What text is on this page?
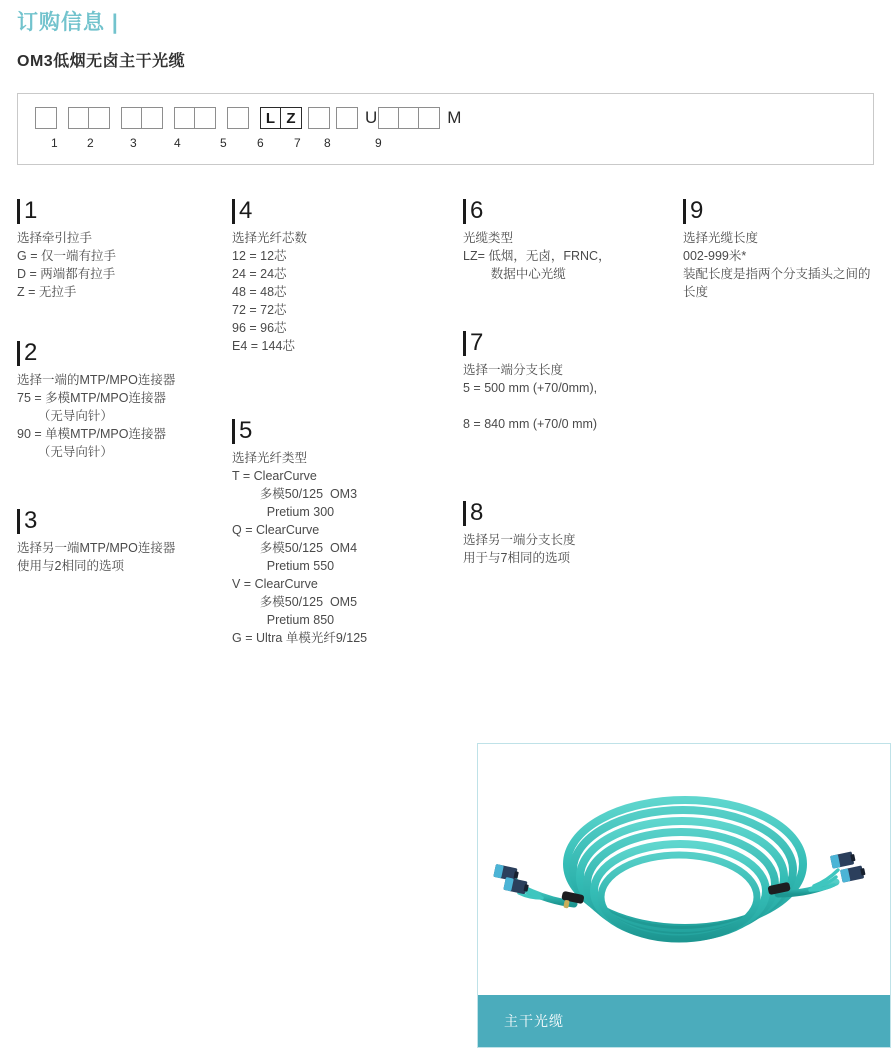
订购信息 |
OM3低烟无卤主干光缆
L Z	U	M
1 2	3	4	5	6	7 8	9
1
选择牵引拉手
G = 仅一端有拉手
D = 两端都有拉手
Z = 无拉手
2
选择一端的MTP/MPO连接器
75 = 多模MTP/MPO连接器
（无导向针）
90 = 单模MTP/MPO连接器
（无导向针）
3
选择另一端MTP/MPO连接器
使用与2相同的选项
4
选择光纤芯数
12 = 12芯
24 = 24芯
48 = 48芯
72 = 72芯
96 = 96芯
E4 = 144芯
5
选择光纤类型
T = ClearCurve
多模50/125  OM3
Pretium 300
Q = ClearCurve
多模50/125  OM4
Pretium 550
V = ClearCurve
多模50/125  OM5
Pretium 850
G = Ultra 单模光纤9/125
6
光缆类型
LZ= 低烟，无卤，FRNC，
数据中心光缆
7
选择一端分支长度
5 = 500 mm (+70/0mm),
8 = 840 mm (+70/0 mm)
8
选择另一端分支长度
用于与7相同的选项
9
选择光缆长度
002-999米*
装配长度是指两个分支插头之间的
长度
主干光缆
